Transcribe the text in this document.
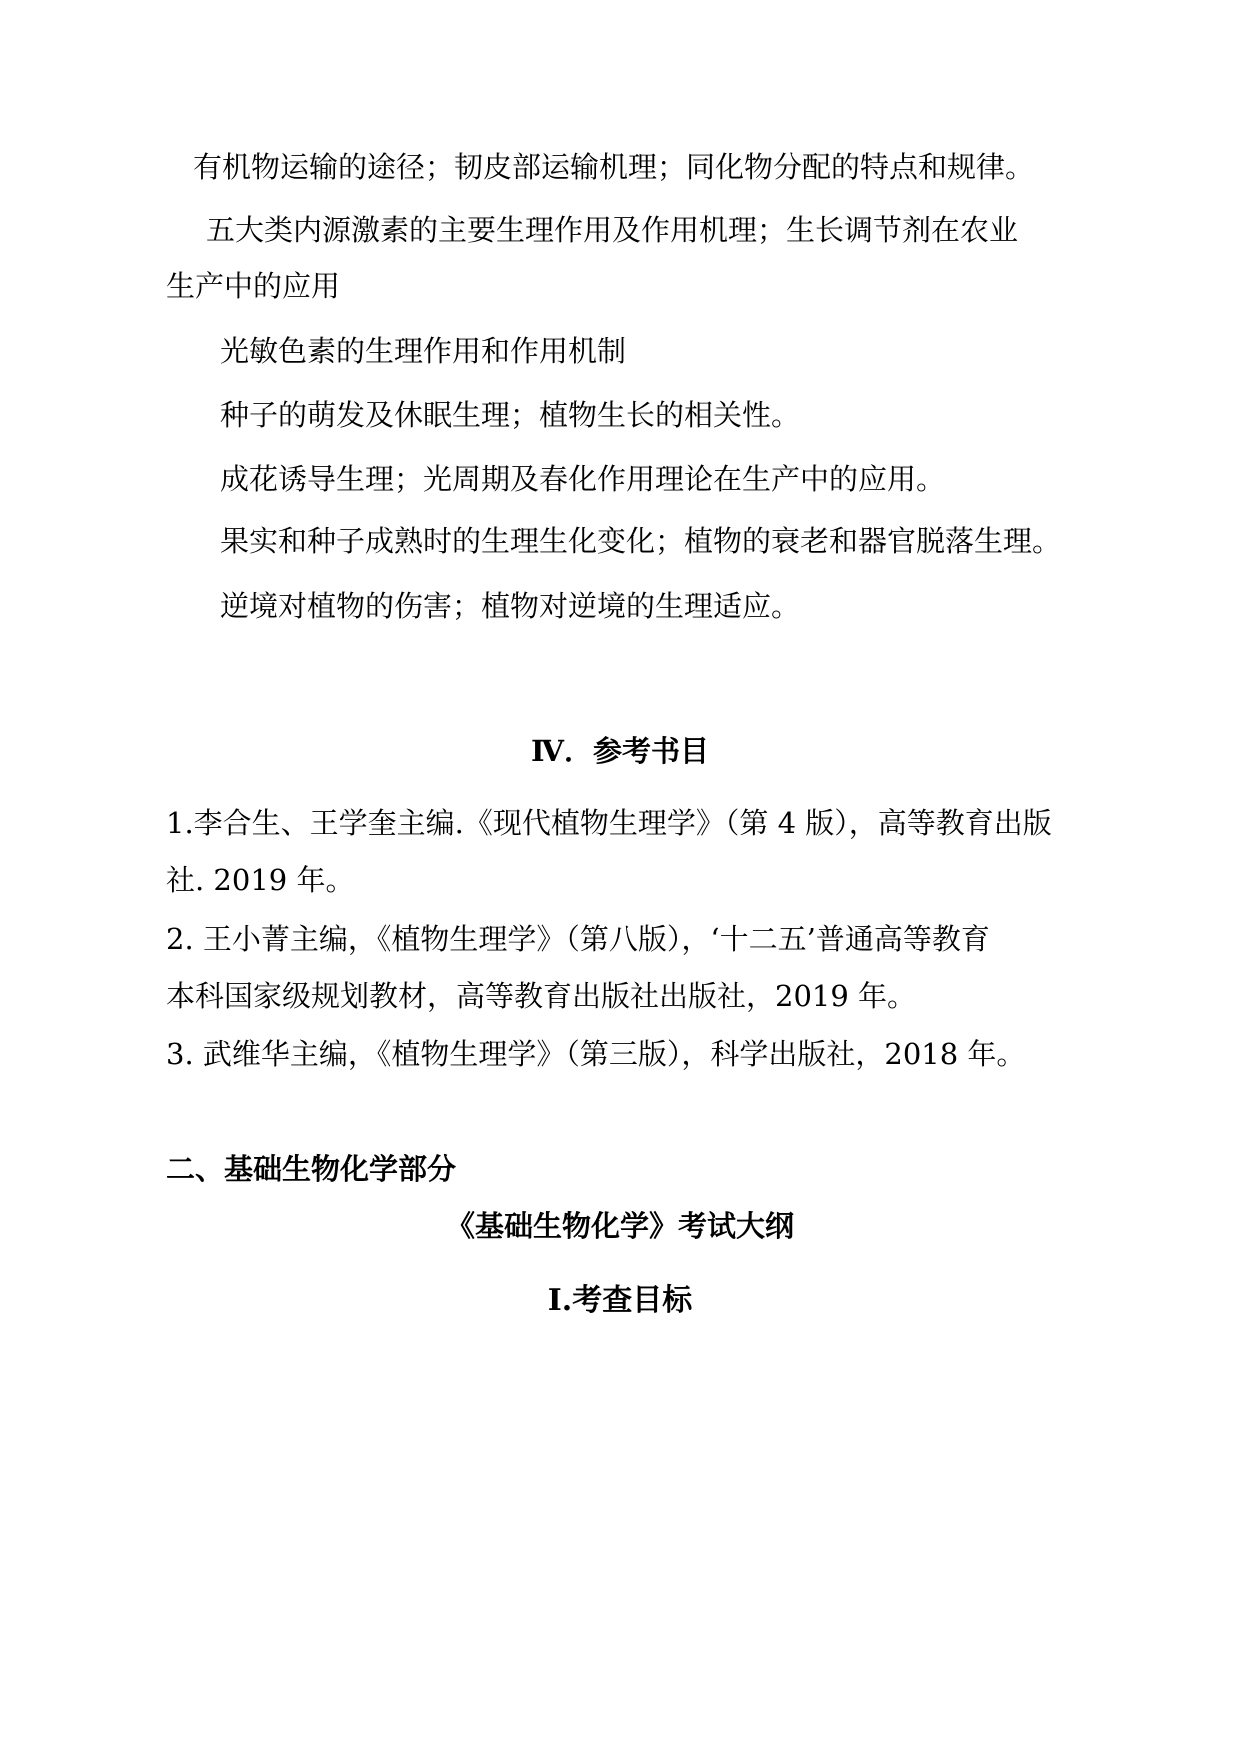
有机物运输的途径；韧皮部运输机理；同化物分配的特点和规律。
五大类内源激素的主要生理作用及作用机理；生长调节剂在农业
生产中的应用
光敏色素的生理作用和作用机制
种子的萌发及休眠生理；植物生长的相关性。
成花诱导生理；光周期及春化作用理论在生产中的应用。
果实和种子成熟时的生理生化变化；植物的衰老和器官脱落生理。
逆境对植物的伤害；植物对逆境的生理适应。
Ⅳ．参考书目
1.李合生、王学奎主编.《现代植物生理学》（第 4 版），高等教育出版
社. 2019 年。
2. 王小菁主编，《植物生理学》（第八版），‘十二五’普通高等教育
本科国家级规划教材，高等教育出版社出版社，2019 年。
3. 武维华主编，《植物生理学》（第三版），科学出版社，2018 年。
二、基础生物化学部分
《基础生物化学》考试大纲
Ⅰ.考查目标
